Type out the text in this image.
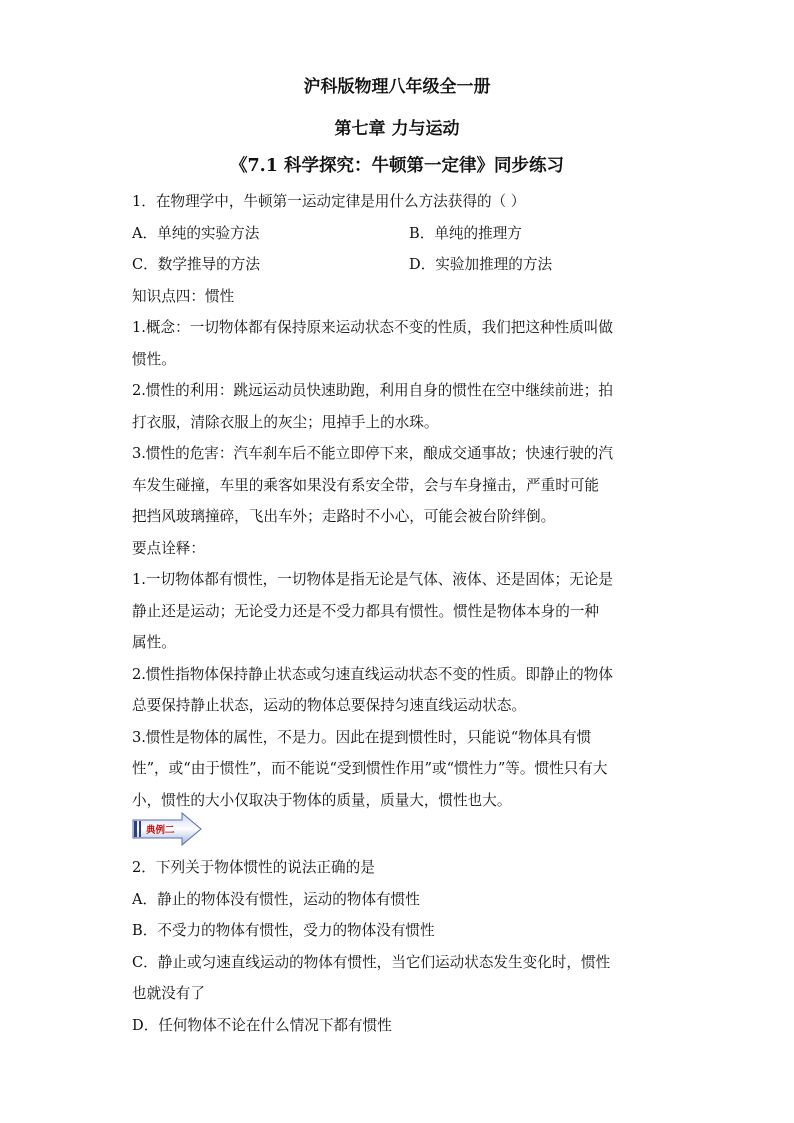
沪科版物理八年级全一册
第七章 力与运动
《7.1 科学探究：牛顿第一定律》同步练习

1．在物理学中，牛顿第一运动定律是用什么方法获得的（ ）

A．单纯的实验方法	B．单纯的推理方
C．数学推导的方法	D．实验加推理的方法

知识点四：惯性

1.概念：一切物体都有保持原来运动状态不变的性质，我们把这种性质叫做

惯性。

2.惯性的利用：跳远运动员快速助跑，利用自身的惯性在空中继续前进；拍

打衣服，清除衣服上的灰尘；甩掉手上的水珠。

3.惯性的危害：汽车刹车后不能立即停下来，酿成交通事故；快速行驶的汽

车发生碰撞，车里的乘客如果没有系安全带，会与车身撞击，严重时可能

把挡风玻璃撞碎，飞出车外；走路时不小心，可能会被台阶绊倒。

要点诠释：

1.一切物体都有惯性，一切物体是指无论是气体、液体、还是固体；无论是

静止还是运动；无论受力还是不受力都具有惯性。惯性是物体本身的一种

属性。

2.惯性指物体保持静止状态或匀速直线运动状态不变的性质。即静止的物体

总要保持静止状态，运动的物体总要保持匀速直线运动状态。

3.惯性是物体的属性，不是力。因此在提到惯性时，只能说“物体具有惯

性”，或“由于惯性”，而不能说“受到惯性作用”或“惯性力”等。惯性只有大

小，惯性的大小仅取决于物体的质量，质量大，惯性也大。

典例二

2．下列关于物体惯性的说法正确的是

A．静止的物体没有惯性，运动的物体有惯性

B．不受力的物体有惯性，受力的物体没有惯性

C．静止或匀速直线运动的物体有惯性，当它们运动状态发生变化时，惯性

也就没有了

D．任何物体不论在什么情况下都有惯性
